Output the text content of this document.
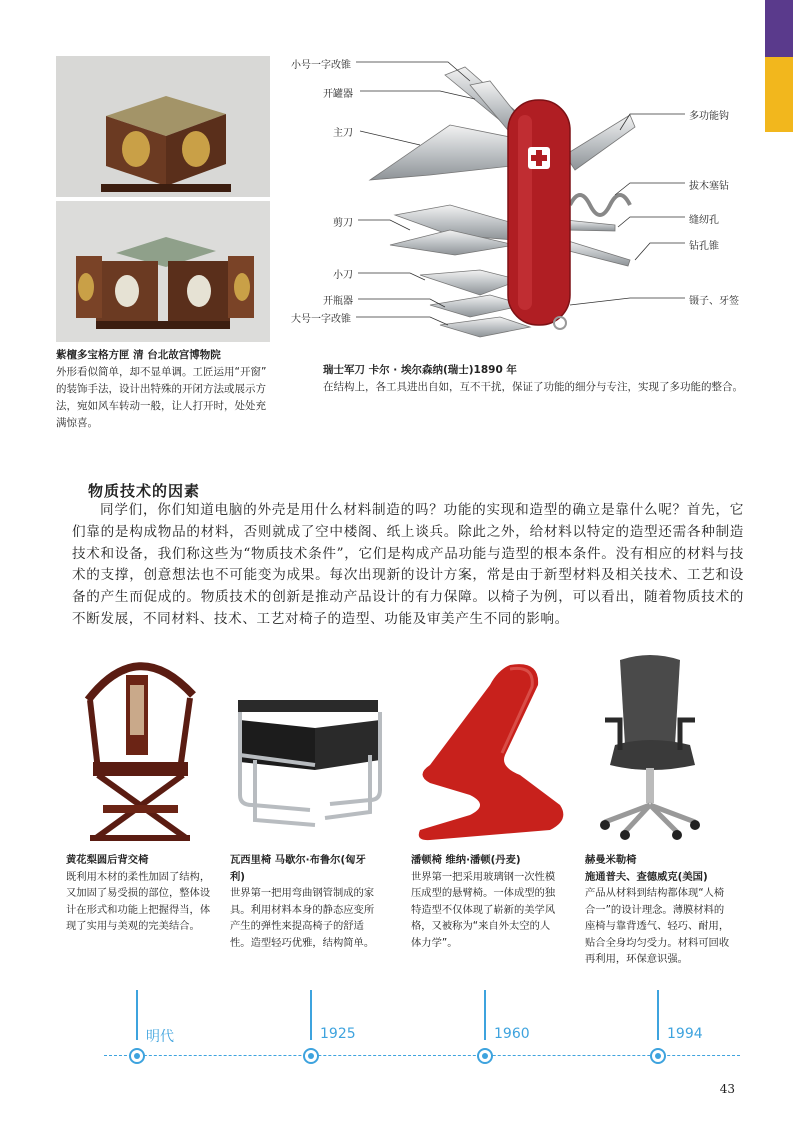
紫檀多宝格方匣 清 台北故宫博物院
外形看似简单，却不显单调。工匠运用“开窗”
的装饰手法，设计出特殊的开闭方法或展示方
法，宛如风车转动一般，让人打开时，处处充
满惊喜。
小号一字改锥
开罐器
主刀
剪刀
小刀
开瓶器
大号一字改锥
多功能钩
拔木塞钻
缝纫孔
钻孔锥
镊子、牙签
瑞士军刀 卡尔 · 埃尔森纳(瑞士)1890 年
在结构上，各工具进出自如，互不干扰，保证了功能的细分与专注，实现了多功能的整合。
物质技术的因素

同学们，你们知道电脑的外壳是用什么材料制造的吗？功能的实现和造型的确立是靠什么呢？首先，它们靠的是构成物品的材料，否则就成了空中楼阁、纸上谈兵。除此之外，给材料以特定的造型还需各种制造技术和设备，我们称这些为“物质技术条件”，它们是构成产品功能与造型的根本条件。没有相应的材料与技术的支撑，创意想法也不可能变为成果。每次出现新的设计方案，常是由于新型材料及相关技术、工艺和设备的产生而促成的。物质技术的创新是推动产品设计的有力保障。以椅子为例，可以看出，随着物质技术的不断发展，不同材料、技术、工艺对椅子的造型、功能及审美产生不同的影响。

黄花梨圆后背交椅
既利用木材的柔性加固了结构，又加固了易受损的部位，整体设计在形式和功能上把握得当，体现了实用与美观的完美结合。
瓦西里椅 马歇尔·布鲁尔(匈牙利)
世界第一把用弯曲钢管制成的家具。利用材料本身的静态应变所产生的弹性来提高椅子的舒适性。造型轻巧优雅，结构简单。
潘顿椅 维纳·潘顿(丹麦)
世界第一把采用玻璃钢一次性模压成型的悬臂椅。一体成型的独特造型不仅体现了崭新的美学风格，又被称为“来自外太空的人体力学”。
赫曼米勒椅
施通普夫、查德威克(美国)
产品从材料到结构都体现“人椅合一”的设计理念。薄膜材料的座椅与靠背透气、轻巧、耐用，贴合全身均匀受力。材料可回收再利用，环保意识强。
明代	1925	1960	1994
43
